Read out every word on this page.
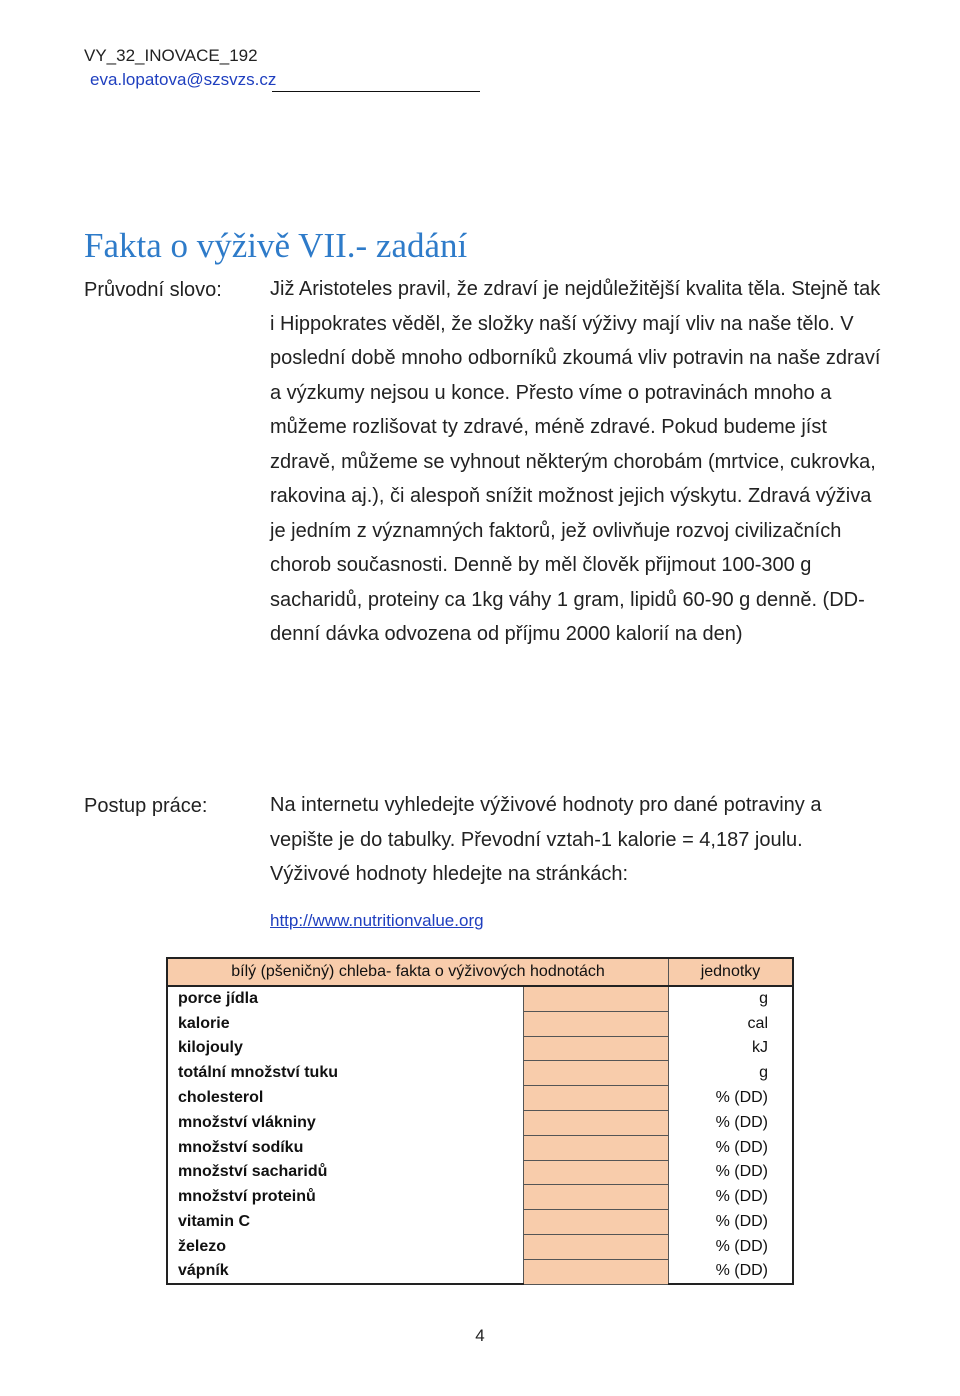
VY_32_INOVACE_192
eva.lopatova@szsvzs.cz
Fakta o výživě VII.- zadání
Průvodní slovo: Již Aristoteles pravil, že zdraví je nejdůležitější kvalita těla. Stejně tak i Hippokrates věděl, že složky naší výživy mají vliv na naše tělo. V poslední době mnoho odborníků zkoumá vliv potravin na naše zdraví a výzkumy nejsou u konce. Přesto víme o potravinách mnoho a můžeme rozlišovat ty zdravé, méně zdravé. Pokud budeme jíst zdravě, můžeme se vyhnout některým chorobám (mrtvice, cukrovka, rakovina aj.), či alespoň snížit možnost jejich výskytu. Zdravá výživa je jedním z významných faktorů, jež ovlivňuje rozvoj civilizačních chorob současnosti. Denně by měl člověk přijmout 100-300 g sacharidů, proteiny ca 1kg váhy 1 gram, lipidů 60-90 g denně. (DD-denní dávka odvozena od příjmu 2000 kalorií na den)
Postup práce:	Na internetu vyhledejte výživové hodnoty pro dané potraviny a vepište je do tabulky. Převodní vztah-1 kalorie = 4,187 joulu. Výživové hodnoty hledejte na stránkách:
http://www.nutritionvalue.org
bílý (pšeničný) chleba- fakta o výživových hodnotách		jednotky
porce jídla		g
kalorie		cal
kilojouly		kJ
totální množství tuku		g
cholesterol		% (DD)
množství vlákniny		% (DD)
množství sodíku		% (DD)
množství sacharidů		% (DD)
množství proteinů		% (DD)
vitamin C		% (DD)
železo		% (DD)
vápník		% (DD)
4
